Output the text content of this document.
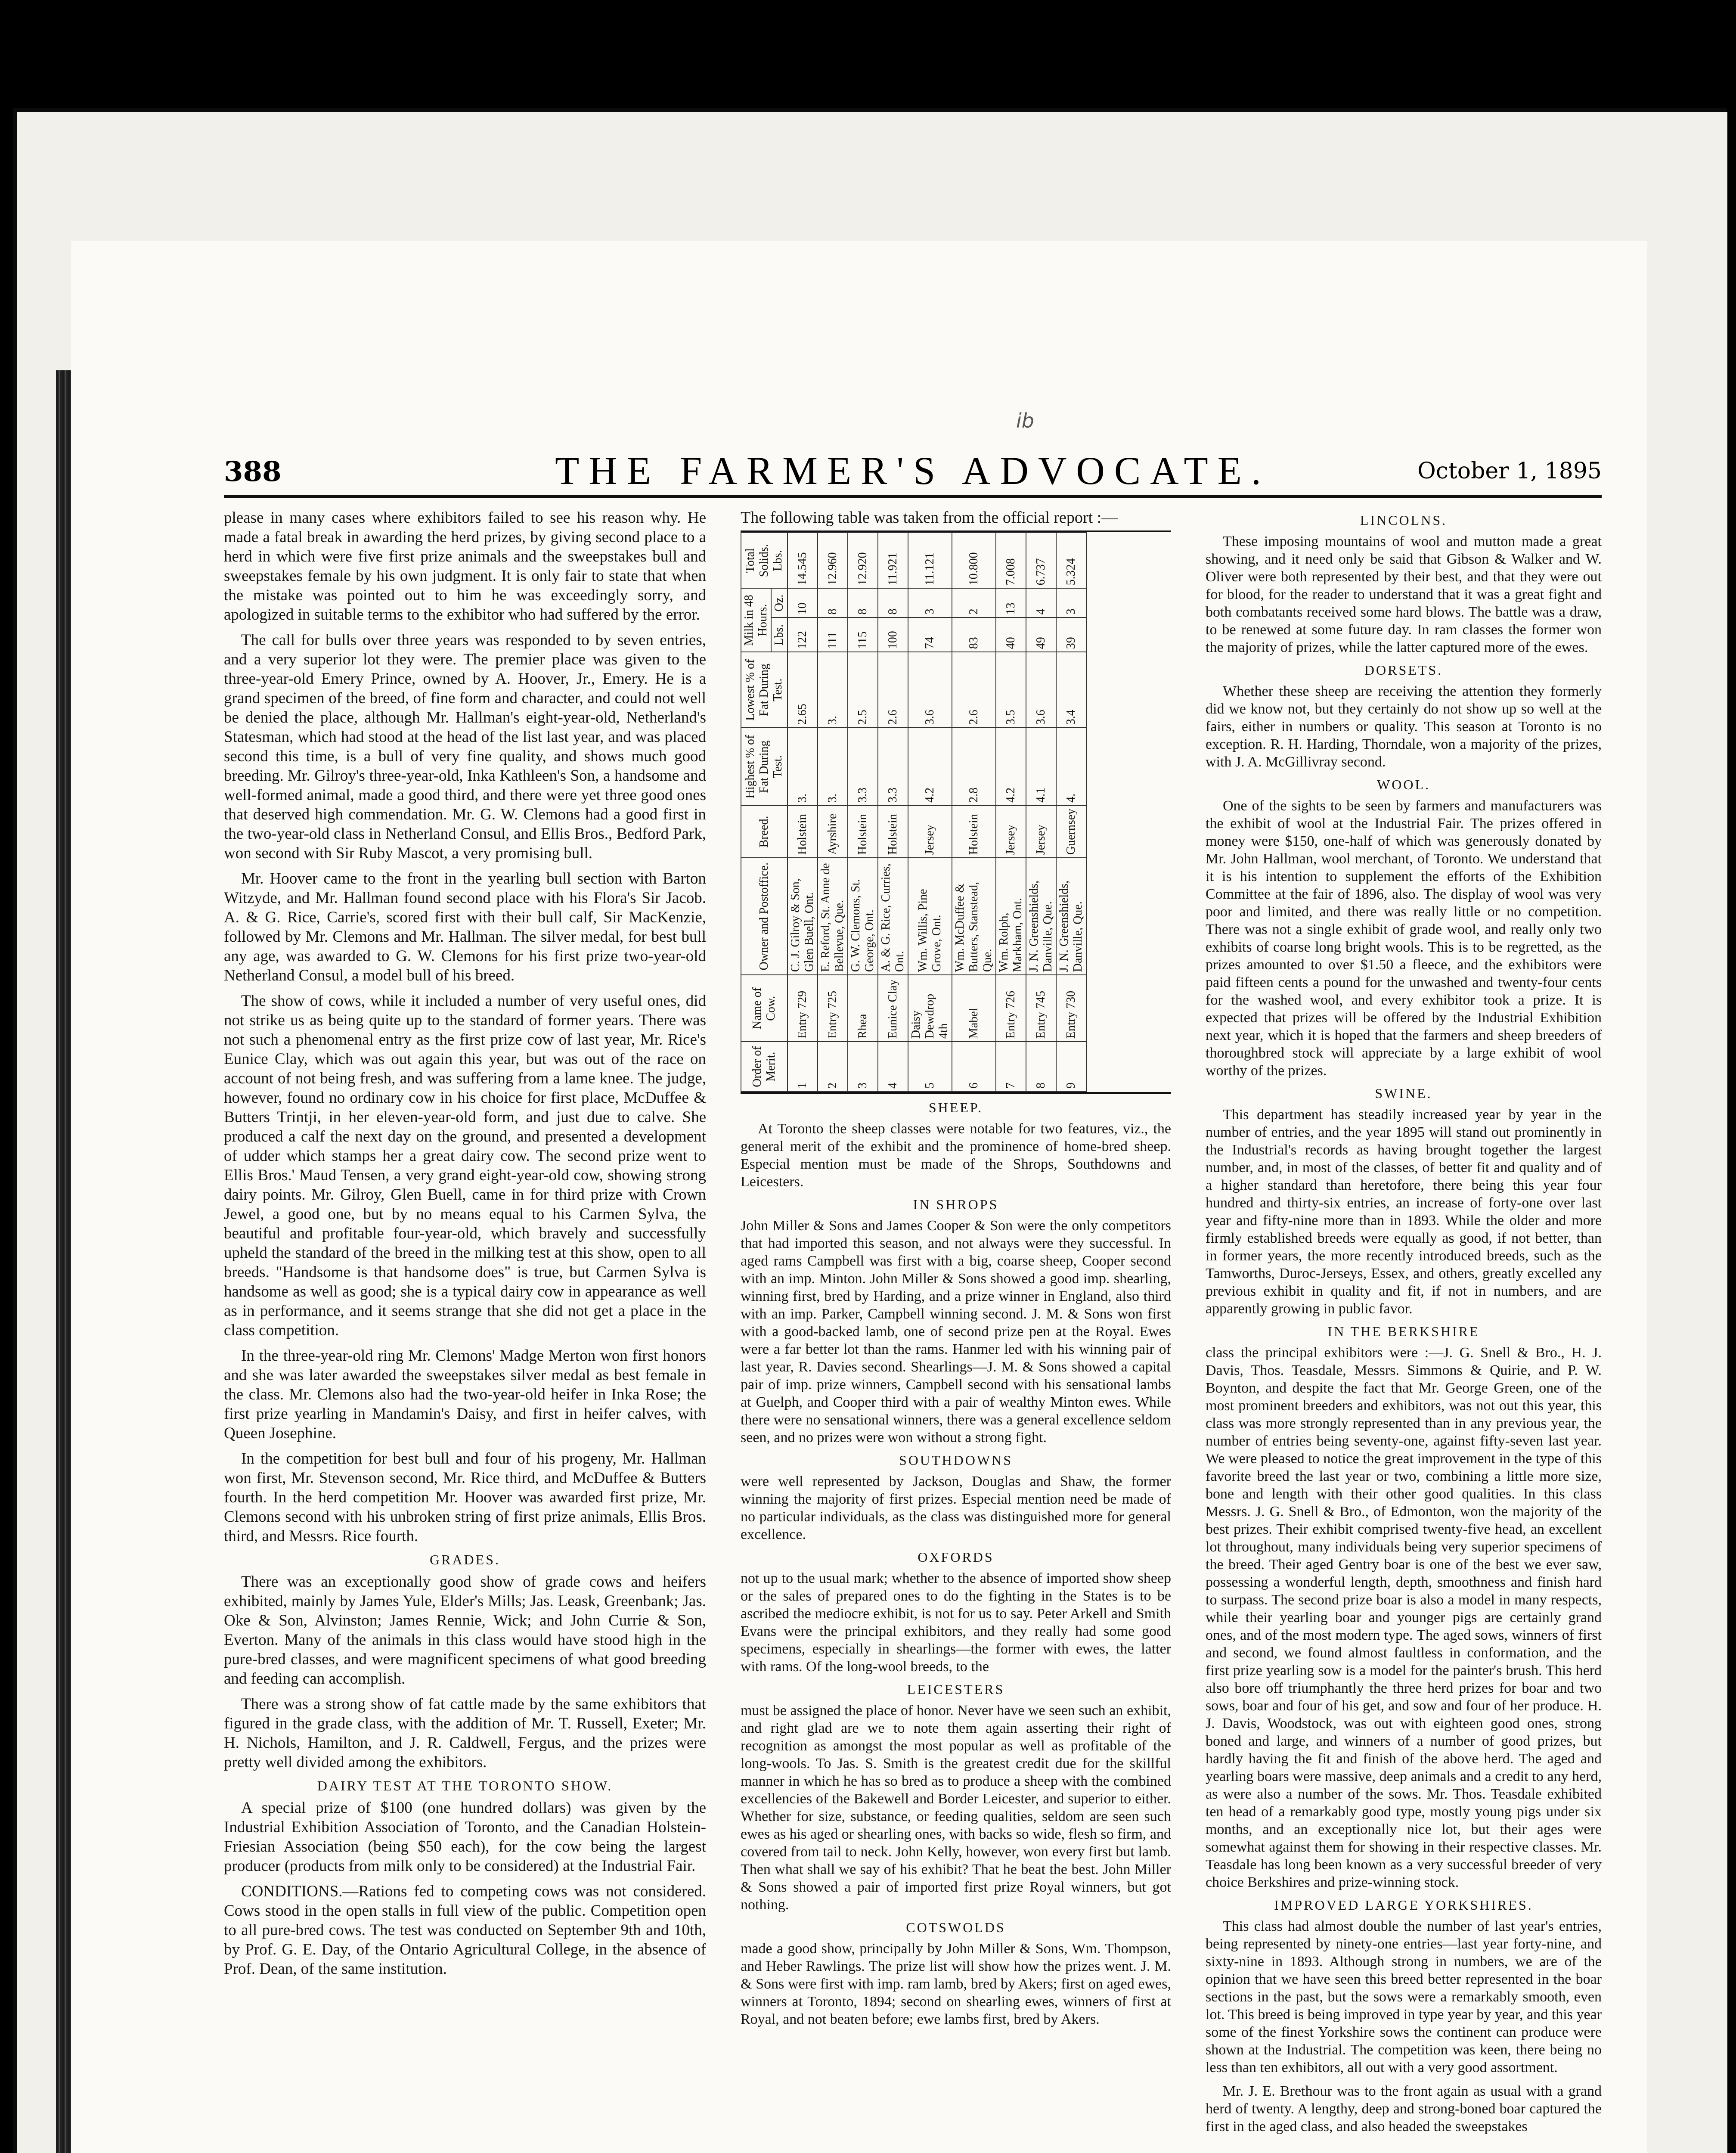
ib
388	THE FARMER'S ADVOCATE.	October 1, 1895

please in many cases where exhibitors failed to see his reason why. He made a fatal break in awarding the herd prizes, by giving second place to a herd in which were five first prize animals and the sweepstakes bull and sweepstakes female by his own judgment. It is only fair to state that when the mistake was pointed out to him he was exceedingly sorry, and apologized in suitable terms to the exhibitor who had suffered by the error.

The call for bulls over three years was responded to by seven entries, and a very superior lot they were. The premier place was given to the three-year-old Emery Prince, owned by A. Hoover, Jr., Emery. He is a grand specimen of the breed, of fine form and character, and could not well be denied the place, although Mr. Hallman's eight-year-old, Netherland's Statesman, which had stood at the head of the list last year, and was placed second this time, is a bull of very fine quality, and shows much good breeding. Mr. Gilroy's three-year-old, Inka Kathleen's Son, a handsome and well-formed animal, made a good third, and there were yet three good ones that deserved high commendation. Mr. G. W. Clemons had a good first in the two-year-old class in Netherland Consul, and Ellis Bros., Bedford Park, won second with Sir Ruby Mascot, a very promising bull.

Mr. Hoover came to the front in the yearling bull section with Barton Witzyde, and Mr. Hallman found second place with his Flora's Sir Jacob. A. & G. Rice, Carrie's, scored first with their bull calf, Sir MacKenzie, followed by Mr. Clemons and Mr. Hallman. The silver medal, for best bull any age, was awarded to G. W. Clemons for his first prize two-year-old Netherland Consul, a model bull of his breed.

The show of cows, while it included a number of very useful ones, did not strike us as being quite up to the standard of former years. There was not such a phenomenal entry as the first prize cow of last year, Mr. Rice's Eunice Clay, which was out again this year, but was out of the race on account of not being fresh, and was suffering from a lame knee. The judge, however, found no ordinary cow in his choice for first place, McDuffee & Butters Trintji, in her eleven-year-old form, and just due to calve. She produced a calf the next day on the ground, and presented a development of udder which stamps her a great dairy cow. The second prize went to Ellis Bros.' Maud Tensen, a very grand eight-year-old cow, showing strong dairy points. Mr. Gilroy, Glen Buell, came in for third prize with Crown Jewel, a good one, but by no means equal to his Carmen Sylva, the beautiful and profitable four-year-old, which bravely and successfully upheld the standard of the breed in the milking test at this show, open to all breeds. "Handsome is that handsome does" is true, but Carmen Sylva is handsome as well as good; she is a typical dairy cow in appearance as well as in performance, and it seems strange that she did not get a place in the class competition.

In the three-year-old ring Mr. Clemons' Madge Merton won first honors and she was later awarded the sweepstakes silver medal as best female in the class. Mr. Clemons also had the two-year-old heifer in Inka Rose; the first prize yearling in Mandamin's Daisy, and first in heifer calves, with Queen Josephine.

In the competition for best bull and four of his progeny, Mr. Hallman won first, Mr. Stevenson second, Mr. Rice third, and McDuffee & Butters fourth. In the herd competition Mr. Hoover was awarded first prize, Mr. Clemons second with his unbroken string of first prize animals, Ellis Bros. third, and Messrs. Rice fourth.

GRADES.

There was an exceptionally good show of grade cows and heifers exhibited, mainly by James Yule, Elder's Mills; Jas. Leask, Greenbank; Jas. Oke & Son, Alvinston; James Rennie, Wick; and John Currie & Son, Everton. Many of the animals in this class would have stood high in the pure-bred classes, and were magnificent specimens of what good breeding and feeding can accomplish.

There was a strong show of fat cattle made by the same exhibitors that figured in the grade class, with the addition of Mr. T. Russell, Exeter; Mr. H. Nichols, Hamilton, and J. R. Caldwell, Fergus, and the prizes were pretty well divided among the exhibitors.

DAIRY TEST AT THE TORONTO SHOW.

A special prize of $100 (one hundred dollars) was given by the Industrial Exhibition Association of Toronto, and the Canadian Holstein-Friesian Association (being $50 each), for the cow being the largest producer (products from milk only to be considered) at the Industrial Fair.

CONDITIONS.—Rations fed to competing cows was not considered. Cows stood in the open stalls in full view of the public. Competition open to all pure-bred cows. The test was conducted on September 9th and 10th, by Prof. G. E. Day, of the Ontario Agricultural College, in the absence of Prof. Dean, of the same institution.

The following table was taken from the official report :—
Order of Merit.	Name of Cow.	Owner and Postoffice.	Breed.	Highest % of Fat During Test.	Lowest % of Fat During Test.	Milk in 48 Hours.		Total Solids. Lbs.
						Lbs.	Oz.	
1	Entry 729	C. J. Gilroy & Son, Glen Buell, Ont.	Holstein	3.	2.65	122	10	14.545
2	Entry 725	E. Reford, St. Anne de Bellevue, Que.	Ayrshire	3.	3.	111	8	12.960
3	Rhea	G. W. Clemons, St. George, Ont.	Holstein	3.3	2.5	115	8	12.920
4	Eunice Clay	A. & G. Rice, Curries, Ont.	Holstein	3.3	2.6	100	8	11.921
5	Daisy Dewdrop 4th	Wm. Willis, Pine Grove, Ont.	Jersey	4.2	3.6	74	3	11.121
6	Mabel	Wm. McDuffee & Butters, Stanstead, Que.	Holstein	2.8	2.6	83	2	10.800
7	Entry 726	Wm. Rolph, Markham, Ont.	Jersey	4.2	3.5	40	13	7.008
8	Entry 745	J. N. Greenshields, Danville, Que.	Jersey	4.1	3.6	49	4	6.737
9	Entry 730	J. N. Greenshields, Danville, Que.	Guernsey	4.	3.4	39	3	5.324
SHEEP.

At Toronto the sheep classes were notable for two features, viz., the general merit of the exhibit and the prominence of home-bred sheep. Especial mention must be made of the Shrops, Southdowns and Leicesters.

IN SHROPS

John Miller & Sons and James Cooper & Son were the only competitors that had imported this season, and not always were they successful. In aged rams Campbell was first with a big, coarse sheep, Cooper second with an imp. Minton. John Miller & Sons showed a good imp. shearling, winning first, bred by Harding, and a prize winner in England, also third with an imp. Parker, Campbell winning second. J. M. & Sons won first with a good-backed lamb, one of second prize pen at the Royal. Ewes were a far better lot than the rams. Hanmer led with his winning pair of last year, R. Davies second. Shearlings—J. M. & Sons showed a capital pair of imp. prize winners, Campbell second with his sensational lambs at Guelph, and Cooper third with a pair of wealthy Minton ewes. While there were no sensational winners, there was a general excellence seldom seen, and no prizes were won without a strong fight.

SOUTHDOWNS

were well represented by Jackson, Douglas and Shaw, the former winning the majority of first prizes. Especial mention need be made of no particular individuals, as the class was distinguished more for general excellence.

OXFORDS

not up to the usual mark; whether to the absence of imported show sheep or the sales of prepared ones to do the fighting in the States is to be ascribed the mediocre exhibit, is not for us to say. Peter Arkell and Smith Evans were the principal exhibitors, and they really had some good specimens, especially in shearlings—the former with ewes, the latter with rams. Of the long-wool breeds, to the

LEICESTERS

must be assigned the place of honor. Never have we seen such an exhibit, and right glad are we to note them again asserting their right of recognition as amongst the most popular as well as profitable of the long-wools. To Jas. S. Smith is the greatest credit due for the skillful manner in which he has so bred as to produce a sheep with the combined excellencies of the Bakewell and Border Leicester, and superior to either. Whether for size, substance, or feeding qualities, seldom are seen such ewes as his aged or shearling ones, with backs so wide, flesh so firm, and covered from tail to neck. John Kelly, however, won every first but lamb. Then what shall we say of his exhibit? That he beat the best. John Miller & Sons showed a pair of imported first prize Royal winners, but got nothing.

COTSWOLDS

made a good show, principally by John Miller & Sons, Wm. Thompson, and Heber Rawlings. The prize list will show how the prizes went. J. M. & Sons were first with imp. ram lamb, bred by Akers; first on aged ewes, winners at Toronto, 1894; second on shearling ewes, winners of first at Royal, and not beaten before; ewe lambs first, bred by Akers.

LINCOLNS.

These imposing mountains of wool and mutton made a great showing, and it need only be said that Gibson & Walker and W. Oliver were both represented by their best, and that they were out for blood, for the reader to understand that it was a great fight and both combatants received some hard blows. The battle was a draw, to be renewed at some future day. In ram classes the former won the majority of prizes, while the latter captured more of the ewes.

DORSETS.

Whether these sheep are receiving the attention they formerly did we know not, but they certainly do not show up so well at the fairs, either in numbers or quality. This season at Toronto is no exception. R. H. Harding, Thorndale, won a majority of the prizes, with J. A. McGillivray second.

WOOL.

One of the sights to be seen by farmers and manufacturers was the exhibit of wool at the Industrial Fair. The prizes offered in money were $150, one-half of which was generously donated by Mr. John Hallman, wool merchant, of Toronto. We understand that it is his intention to supplement the efforts of the Exhibition Committee at the fair of 1896, also. The display of wool was very poor and limited, and there was really little or no competition. There was not a single exhibit of grade wool, and really only two exhibits of coarse long bright wools. This is to be regretted, as the prizes amounted to over $1.50 a fleece, and the exhibitors were paid fifteen cents a pound for the unwashed and twenty-four cents for the washed wool, and every exhibitor took a prize. It is expected that prizes will be offered by the Industrial Exhibition next year, which it is hoped that the farmers and sheep breeders of thoroughbred stock will appreciate by a large exhibit of wool worthy of the prizes.

SWINE.

This department has steadily increased year by year in the number of entries, and the year 1895 will stand out prominently in the Industrial's records as having brought together the largest number, and, in most of the classes, of better fit and quality and of a higher standard than heretofore, there being this year four hundred and thirty-six entries, an increase of forty-one over last year and fifty-nine more than in 1893. While the older and more firmly established breeds were equally as good, if not better, than in former years, the more recently introduced breeds, such as the Tamworths, Duroc-Jerseys, Essex, and others, greatly excelled any previous exhibit in quality and fit, if not in numbers, and are apparently growing in public favor.

IN THE BERKSHIRE

class the principal exhibitors were :—J. G. Snell & Bro., H. J. Davis, Thos. Teasdale, Messrs. Simmons & Quirie, and P. W. Boynton, and despite the fact that Mr. George Green, one of the most prominent breeders and exhibitors, was not out this year, this class was more strongly represented than in any previous year, the number of entries being seventy-one, against fifty-seven last year. We were pleased to notice the great improvement in the type of this favorite breed the last year or two, combining a little more size, bone and length with their other good qualities. In this class Messrs. J. G. Snell & Bro., of Edmonton, won the majority of the best prizes. Their exhibit comprised twenty-five head, an excellent lot throughout, many individuals being very superior specimens of the breed. Their aged Gentry boar is one of the best we ever saw, possessing a wonderful length, depth, smoothness and finish hard to surpass. The second prize boar is also a model in many respects, while their yearling boar and younger pigs are certainly grand ones, and of the most modern type. The aged sows, winners of first and second, we found almost faultless in conformation, and the first prize yearling sow is a model for the painter's brush. This herd also bore off triumphantly the three herd prizes for boar and two sows, boar and four of his get, and sow and four of her produce. H. J. Davis, Woodstock, was out with eighteen good ones, strong boned and large, and winners of a number of good prizes, but hardly having the fit and finish of the above herd. The aged and yearling boars were massive, deep animals and a credit to any herd, as were also a number of the sows. Mr. Thos. Teasdale exhibited ten head of a remarkably good type, mostly young pigs under six months, and an exceptionally nice lot, but their ages were somewhat against them for showing in their respective classes. Mr. Teasdale has long been known as a very successful breeder of very choice Berkshires and prize-winning stock.

IMPROVED LARGE YORKSHIRES.

This class had almost double the number of last year's entries, being represented by ninety-one entries—last year forty-nine, and sixty-nine in 1893. Although strong in numbers, we are of the opinion that we have seen this breed better represented in the boar sections in the past, but the sows were a remarkably smooth, even lot. This breed is being improved in type year by year, and this year some of the finest Yorkshire sows the continent can produce were shown at the Industrial. The competition was keen, there being no less than ten exhibitors, all out with a very good assortment.

Mr. J. E. Brethour was to the front again as usual with a grand herd of twenty. A lengthy, deep and strong-boned boar captured the first in the aged class, and also headed the sweepstakes
